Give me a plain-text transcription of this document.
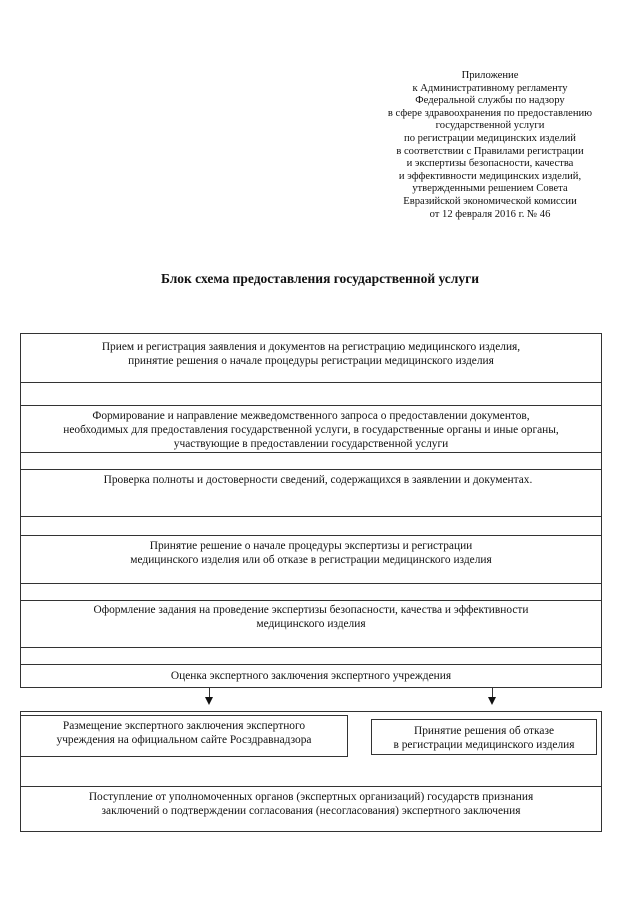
Приложение
к Административному регламенту
Федеральной службы по надзору
в сфере здравоохранения по предоставлению
государственной услуги
по регистрации медицинских изделий
в соответствии с Правилами регистрации
и экспертизы безопасности, качества
и эффективности медицинских изделий,
утвержденными решением Совета
Евразийской экономической комиссии
от 12 февраля 2016 г. № 46
Блок схема предоставления государственной услуги
Прием и регистрация заявления и документов на регистрацию медицинского изделия,
принятие решения о начале процедуры регистрации медицинского изделия
Формирование и направление межведомственного запроса о предоставлении документов,
необходимых для предоставления государственной услуги, в государственные органы и иные органы,
участвующие в предоставлении государственной услуги
Проверка полноты и достоверности сведений, содержащихся в заявлении и документах.
Принятие решение о начале процедуры экспертизы и регистрации
медицинского изделия или об отказе в регистрации медицинского изделия
Оформление задания на проведение экспертизы безопасности, качества и эффективности
медицинского изделия
Оценка экспертного заключения экспертного учреждения
Размещение экспертного заключения экспертного
учреждения на официальном сайте Росздравнадзора
Принятие решения об отказе
в регистрации медицинского изделия
Поступление от уполномоченных органов (экспертных организаций) государств признания
заключений о подтверждении согласования (несогласования) экспертного заключения
